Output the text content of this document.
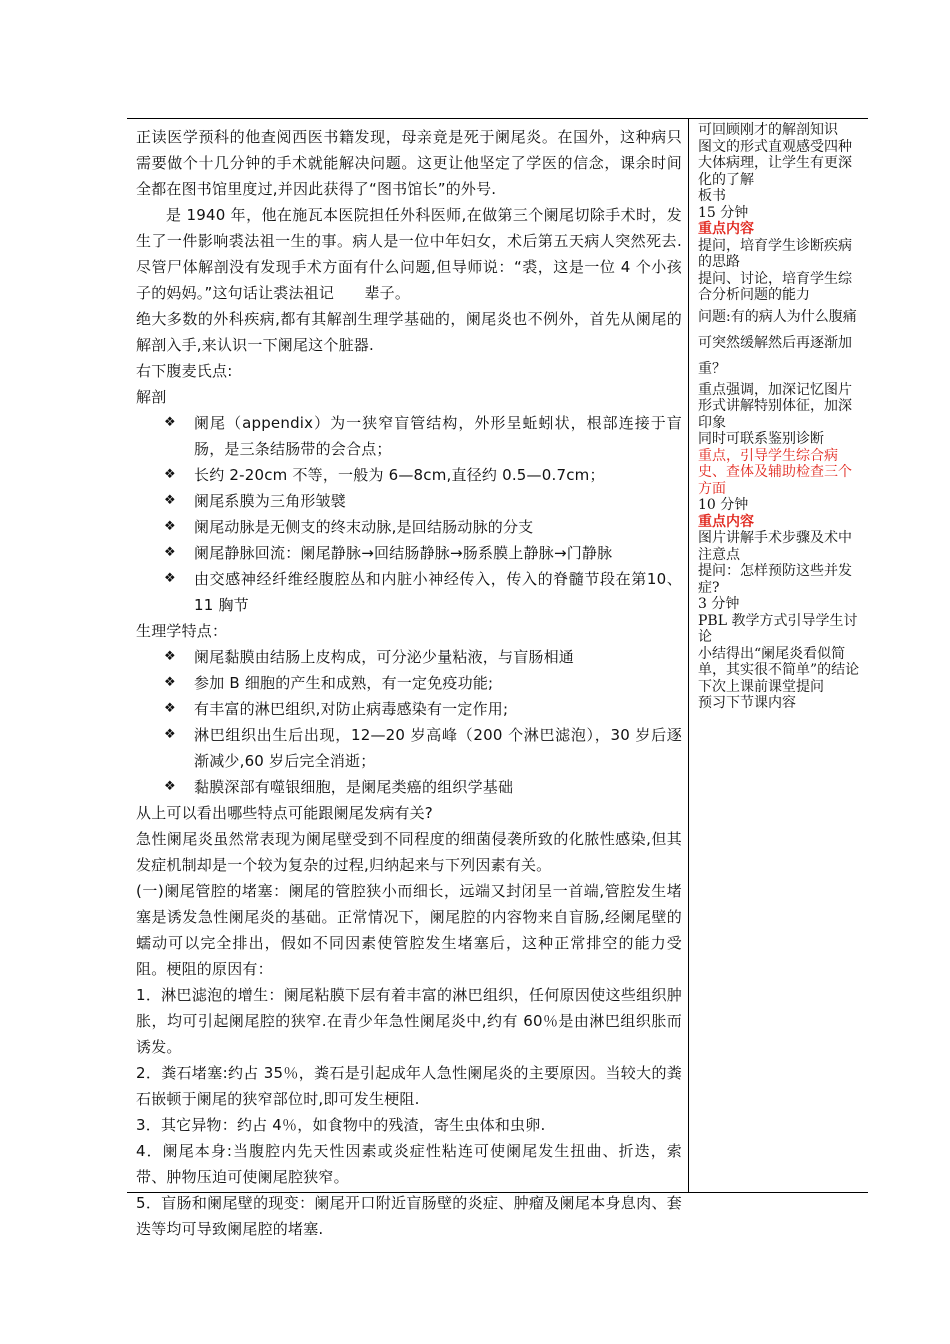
正读医学预科的他查阅西医书籍发现，母亲竟是死于阑尾炎。在国外，这种病只需要做个十几分钟的手术就能解决问题。这更让他坚定了学医的信念，课余时间全都在图书馆里度过,并因此获得了“图书馆长”的外号.

是 1940 年，他在施瓦本医院担任外科医师,在做第三个阑尾切除手术时，发生了一件影响裘法祖一生的事。病人是一位中年妇女，术后第五天病人突然死去.尽管尸体解剖没有发现手术方面有什么问题,但导师说：“裘，这是一位 4 个小孩子的妈妈。”这句话让裘法祖记　　辈子。

绝大多数的外科疾病,都有其解剖生理学基础的，阑尾炎也不例外，首先从阑尾的解剖入手,来认识一下阑尾这个脏器.

右下腹麦氏点:

解剖

❖ 阑尾（appendix）为一狭窄盲管结构，外形呈蚯蚓状，根部连接于盲肠，是三条结肠带的会合点；
❖ 长约 2-20cm 不等，一般为 6—8cm,直径约 0.5—0.7cm；
❖ 阑尾系膜为三角形皱襞
❖ 阑尾动脉是无侧支的终末动脉,是回结肠动脉的分支
❖ 阑尾静脉回流：阑尾静脉→回结肠静脉→肠系膜上静脉→门静脉
❖ 由交感神经纤维经腹腔丛和内脏小神经传入，传入的脊髓节段在第10、11 胸节

生理学特点：

❖ 阑尾黏膜由结肠上皮构成，可分泌少量粘液，与盲肠相通
❖ 参加 B 细胞的产生和成熟，有一定免疫功能;
❖ 有丰富的淋巴组织,对防止病毒感染有一定作用;
❖ 淋巴组织出生后出现，12—20 岁高峰（200 个淋巴滤泡），30 岁后逐渐减少,60 岁后完全消逝；
❖ 黏膜深部有噬银细胞，是阑尾类癌的组织学基础

从上可以看出哪些特点可能跟阑尾发病有关?

急性阑尾炎虽然常表现为阑尾壁受到不同程度的细菌侵袭所致的化脓性感染,但其发症机制却是一个较为复杂的过程,归纳起来与下列因素有关。

(一)阑尾管腔的堵塞：阑尾的管腔狭小而细长，远端又封闭呈一首端,管腔发生堵塞是诱发急性阑尾炎的基础。正常情况下，阑尾腔的内容物来自盲肠,经阑尾壁的蠕动可以完全排出，假如不同因素使管腔发生堵塞后，这种正常排空的能力受阻。梗阻的原因有：

1．淋巴滤泡的增生：阑尾粘膜下层有着丰富的淋巴组织，任何原因使这些组织肿胀，均可引起阑尾腔的狭窄.在青少年急性阑尾炎中,约有 60％是由淋巴组织胀而诱发。

2．粪石堵塞:约占 35％，粪石是引起成年人急性阑尾炎的主要原因。当较大的粪石嵌顿于阑尾的狭窄部位时,即可发生梗阻.

3．其它异物：约占 4％，如食物中的残渣，寄生虫体和虫卵.

4．阑尾本身:当腹腔内先天性因素或炎症性粘连可使阑尾发生扭曲、折迭，索带、肿物压迫可使阑尾腔狭窄。

5．盲肠和阑尾壁的现变：阑尾开口附近盲肠壁的炎症、肿瘤及阑尾本身息肉、套迭等均可导致阑尾腔的堵塞.

可回顾刚才的解剖知识

图文的形式直观感受四种大体病理，让学生有更深化的了解

板书

15 分钟

重点内容

提问，培育学生诊断疾病的思路

提问、讨论，培育学生综合分析问题的能力

问题:有的病人为什么腹痛可突然缓解然后再逐渐加重？

重点强调，加深记忆图片形式讲解特别体征，加深印象

同时可联系鉴别诊断

重点，引导学生综合病史、查体及辅助检查三个方面

10 分钟

重点内容

图片讲解手术步骤及术中注意点

提问：怎样预防这些并发症?

3 分钟

PBL 教学方式引导学生讨论

小结得出“阑尾炎看似简单，其实很不简单”的结论

下次上课前课堂提问

预习下节课内容
